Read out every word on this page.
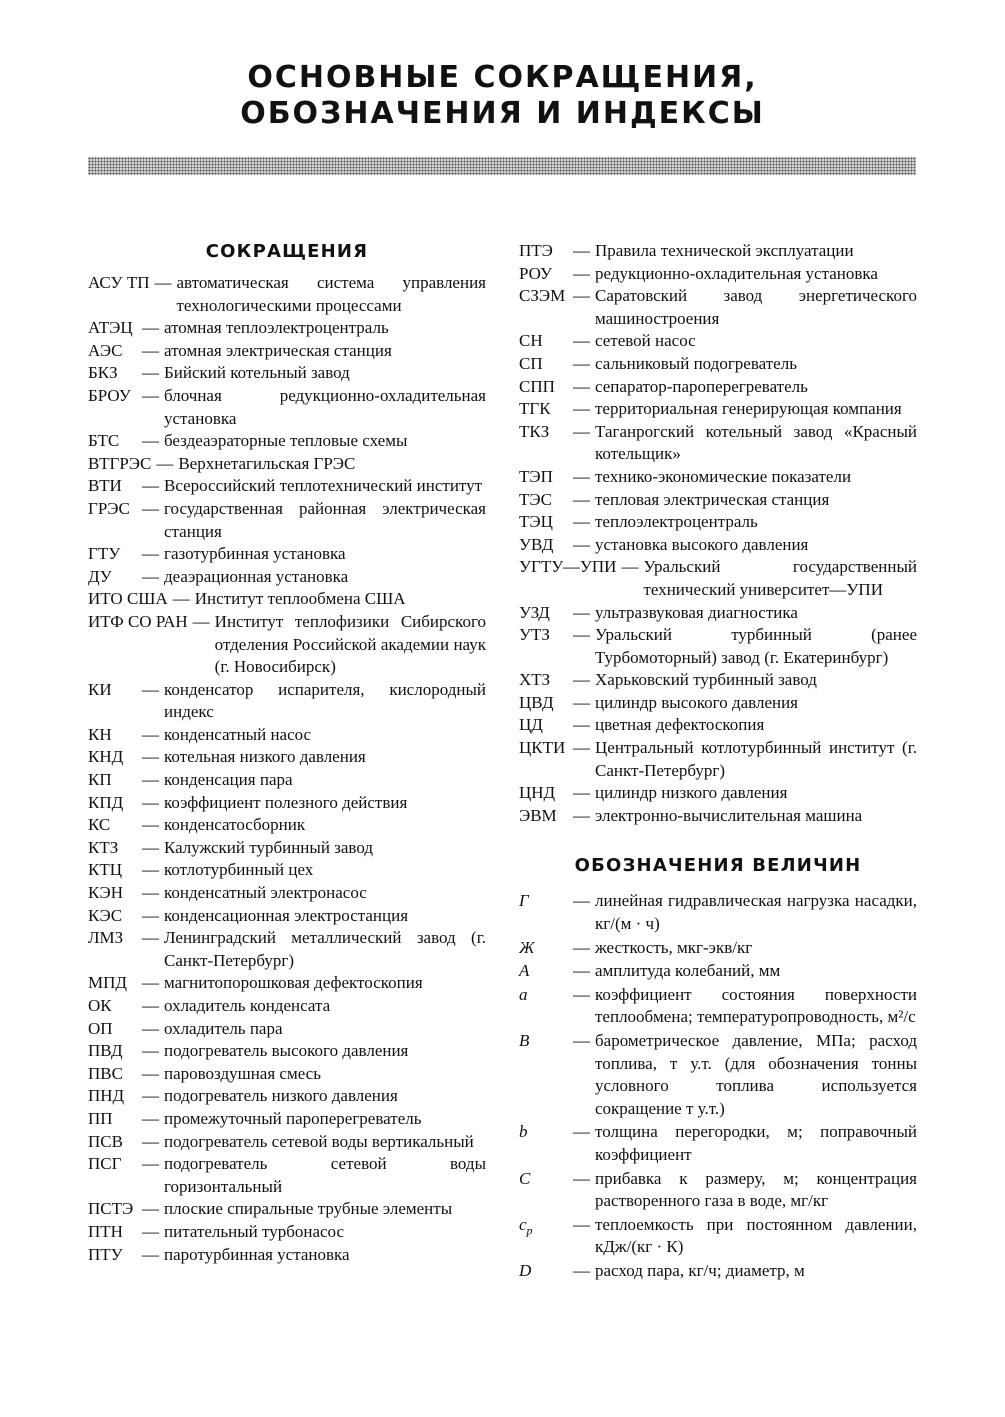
ОСНОВНЫЕ СОКРАЩЕНИЯ,
ОБОЗНАЧЕНИЯ И ИНДЕКСЫ
СОКРАЩЕНИЯ
АСУ ТП — автоматическая система управления технологическими процессами
АТЭЦ — атомная теплоэлектроцентраль
АЭС	— атомная электрическая станция
БКЗ	— Бийский котельный завод
БРОУ — блочная редукционно-охладительная установка
БТС	— бездеаэраторные тепловые схемы
ВТГРЭС — Верхнетагильская ГРЭС
ВТИ	— Всероссийский теплотехнический институт
ГРЭС — государственная районная электрическая станция
ГТУ	— газотурбинная установка
ДУ	— деаэрационная установка
ИТО США — Институт теплообмена США
ИТФ СО РАН — Институт теплофизики Сибирского отделения Российской академии наук (г. Новосибирск)
КИ	— конденсатор испарителя, кислородный индекс
КН	— конденсатный насос
КНД	— котельная низкого давления
КП	— конденсация пара
КПД	— коэффициент полезного действия
КС	— конденсатосборник
КТЗ	— Калужский турбинный завод
КТЦ	— котлотурбинный цех
КЭН	— конденсатный электронасос
КЭС	— конденсационная электростанция
ЛМЗ	— Ленинградский металлический завод (г. Санкт-Петербург)
МПД — магнитопорошковая дефектоскопия
ОК	— охладитель конденсата
ОП	— охладитель пара
ПВД	— подогреватель высокого давления
ПВС	— паровоздушная смесь
ПНД	— подогреватель низкого давления
ПП	— промежуточный пароперегреватель
ПСВ	— подогреватель сетевой воды вертикальный
ПСГ	— подогреватель сетевой воды горизонтальный
ПСТЭ — плоские спиральные трубные элементы
ПТН	— питательный турбонасос
ПТУ	— паротурбинная установка
ПТЭ	— Правила технической эксплуатации
РОУ	— редукционно-охладительная установка
СЗЭМ — Саратовский завод энергетического машиностроения
СН	— сетевой насос
СП	— сальниковый подогреватель
СПП	— сепаратор-пароперегреватель
ТГК	— территориальная генерирующая компания
ТКЗ	— Таганрогский котельный завод «Красный котельщик»
ТЭП	— технико-экономические показатели
ТЭС	— тепловая электрическая станция
ТЭЦ	— теплоэлектроцентраль
УВД	— установка высокого давления
УГТУ—УПИ — Уральский государственный технический университет—УПИ
УЗД	— ультразвуковая диагностика
УТЗ	— Уральский турбинный (ранее Турбомоторный) завод (г. Екатеринбург)
ХТЗ	— Харьковский турбинный завод
ЦВД	— цилиндр высокого давления
ЦД	— цветная дефектоскопия
ЦКТИ — Центральный котлотурбинный институт (г. Санкт-Петербург)
ЦНД	— цилиндр низкого давления
ЭВМ — электронно-вычислительная машина
ОБОЗНАЧЕНИЯ ВЕЛИЧИН
Г	— линейная гидравлическая нагрузка насадки, кг/(м · ч)
Ж	— жесткость, мкг-экв/кг
A	— амплитуда колебаний, мм
a	— коэффициент состояния поверхности теплообмена; температуропроводность, м²/с
B	— барометрическое давление, МПа; расход топлива, т у.т. (для обозначения тонны условного топлива используется сокращение т у.т.)
b	— толщина перегородки, м; поправочный коэффициент
C	— прибавка к размеру, м; концентрация растворенного газа в воде, мг/кг
$c_p$	— теплоемкость при постоянном давлении, кДж/(кг · К)
D	— расход пара, кг/ч; диаметр, м
